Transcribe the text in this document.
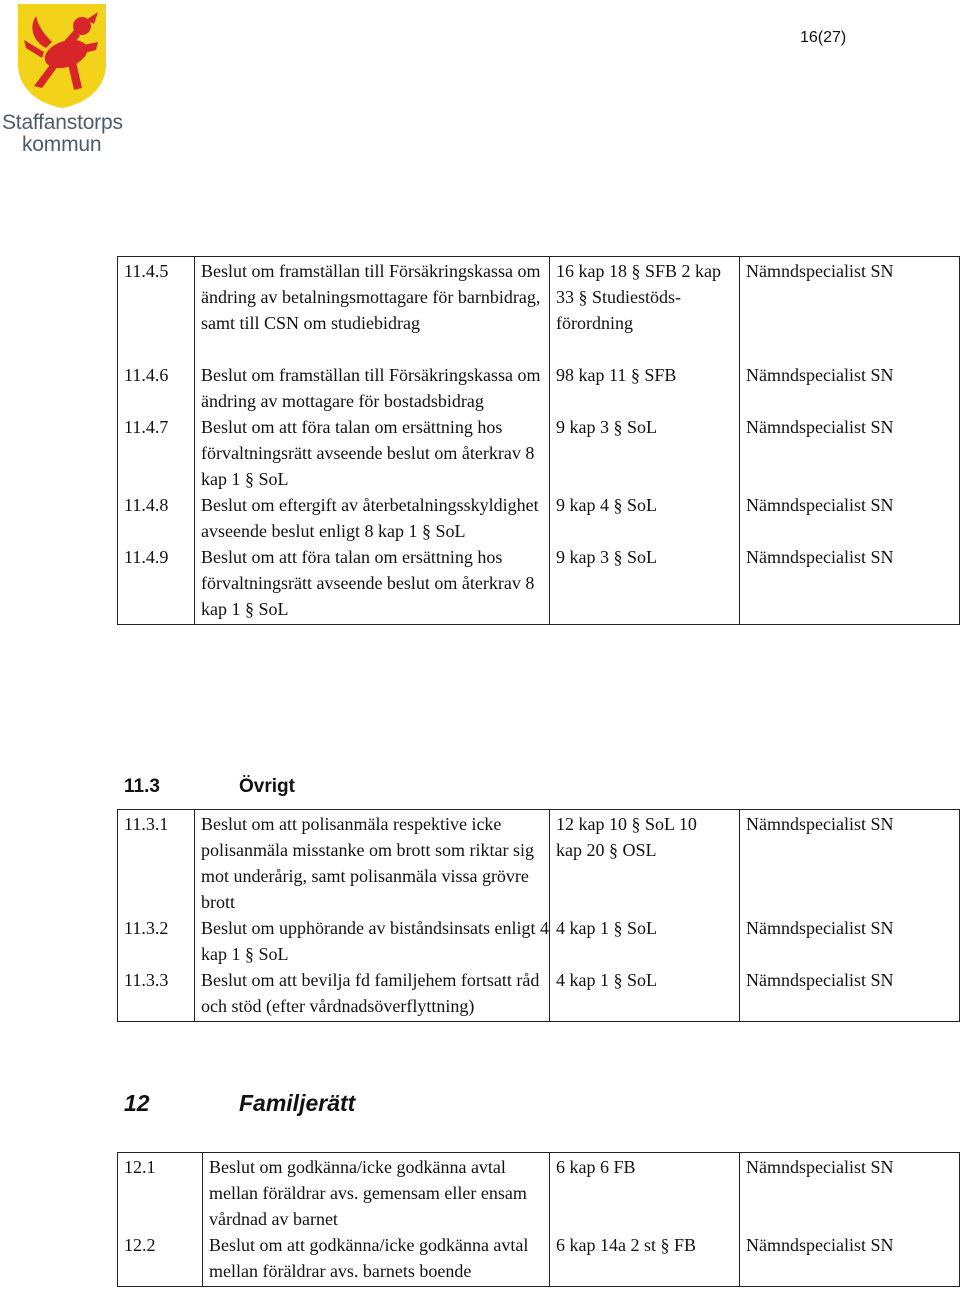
Staffanstorps
kommun
16(27)
11.4.5	Beslut om framställan till Försäkringskassa om ändring av betalningsmottagare för barnbidrag, samt till CSN om studiebidrag	16 kap 18 § SFB 2 kap 33 § Studiestöds- förordning	Nämndspecialist SN

11.4.6	Beslut om framställan till Försäkringskassa om ändring av mottagare för bostadsbidrag	98 kap 11 § SFB	Nämndspecialist SN

11.4.7	Beslut om att föra talan om ersättning hos förvaltningsrätt avseende beslut om återkrav 8 kap 1 § SoL	9 kap 3 § SoL	Nämndspecialist SN

11.4.8	Beslut om eftergift av återbetalningsskyldighet avseende beslut enligt 8 kap 1 § SoL	9 kap 4 § SoL	Nämndspecialist SN

11.4.9	Beslut om att föra talan om ersättning hos förvaltningsrätt avseende beslut om återkrav 8 kap 1 § SoL	9 kap 3 § SoL	Nämndspecialist SN
11.3	Övrigt
11.3.1	Beslut om att polisanmäla respektive icke polisanmäla misstanke om brott som riktar sig mot underårig, samt polisanmäla vissa grövre brott	12 kap 10 § SoL 10 kap 20 § OSL	Nämndspecialist SN

11.3.2	Beslut om upphörande av biståndsinsats enligt 4 kap 1 § SoL	4 kap 1 § SoL	Nämndspecialist SN

11.3.3	Beslut om att bevilja fd familjehem fortsatt råd och stöd (efter vårdnadsöverflyttning)	4 kap 1 § SoL	Nämndspecialist SN
12	Familjerätt
12.1	Beslut om godkänna/icke godkänna avtal mellan föräldrar avs. gemensam eller ensam vårdnad av barnet	6 kap 6 FB	Nämndspecialist SN

12.2	Beslut om att godkänna/icke godkänna avtal mellan föräldrar avs. barnets boende	6 kap 14a 2 st § FB	Nämndspecialist SN
